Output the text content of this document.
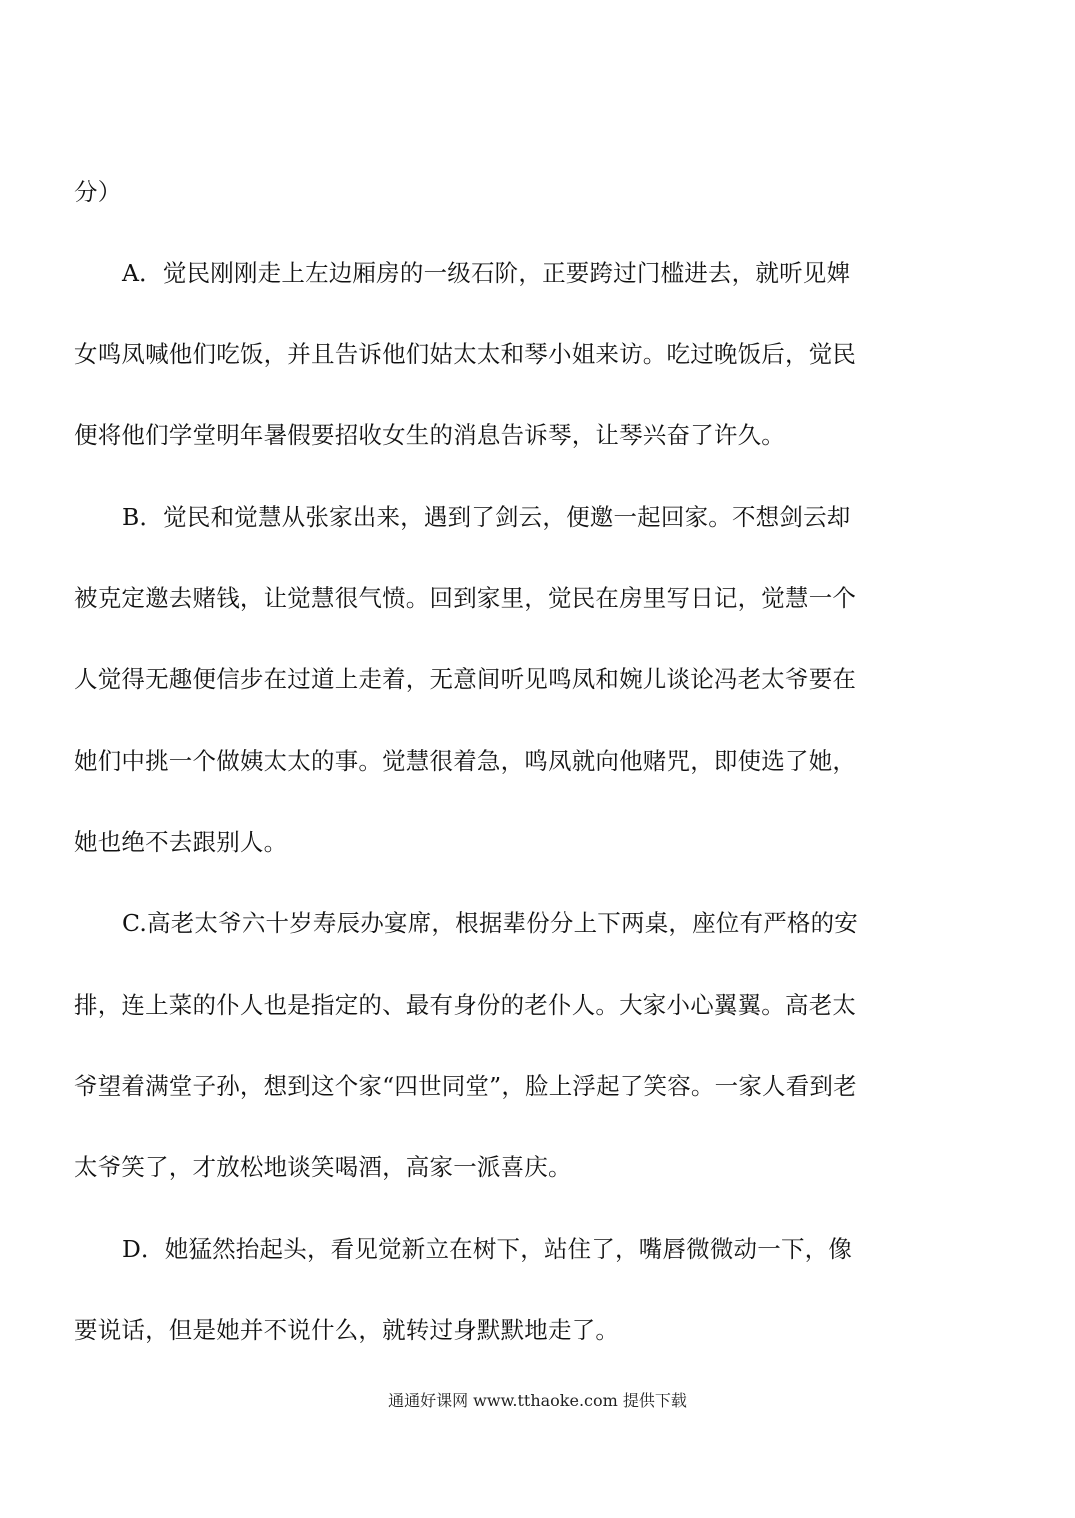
分）
A．觉民刚刚走上左边厢房的一级石阶，正要跨过门槛进去，就听见婢
女鸣凤喊他们吃饭，并且告诉他们姑太太和琴小姐来访。吃过晚饭后，觉民
便将他们学堂明年暑假要招收女生的消息告诉琴，让琴兴奋了许久。
B．觉民和觉慧从张家出来，遇到了剑云，便邀一起回家。不想剑云却
被克定邀去赌钱，让觉慧很气愤。回到家里，觉民在房里写日记，觉慧一个
人觉得无趣便信步在过道上走着，无意间听见鸣凤和婉儿谈论冯老太爷要在
她们中挑一个做姨太太的事。觉慧很着急，鸣凤就向他赌咒，即使选了她，
她也绝不去跟别人。
C.高老太爷六十岁寿辰办宴席，根据辈份分上下两桌，座位有严格的安
排，连上菜的仆人也是指定的、最有身份的老仆人。大家小心翼翼。高老太
爷望着满堂子孙，想到这个家“四世同堂”，脸上浮起了笑容。一家人看到老
太爷笑了，才放松地谈笑喝酒，高家一派喜庆。
D．她猛然抬起头，看见觉新立在树下，站住了，嘴唇微微动一下，像
要说话，但是她并不说什么，就转过身默默地走了。
通通好课网 www.tthaoke.com 提供下载
